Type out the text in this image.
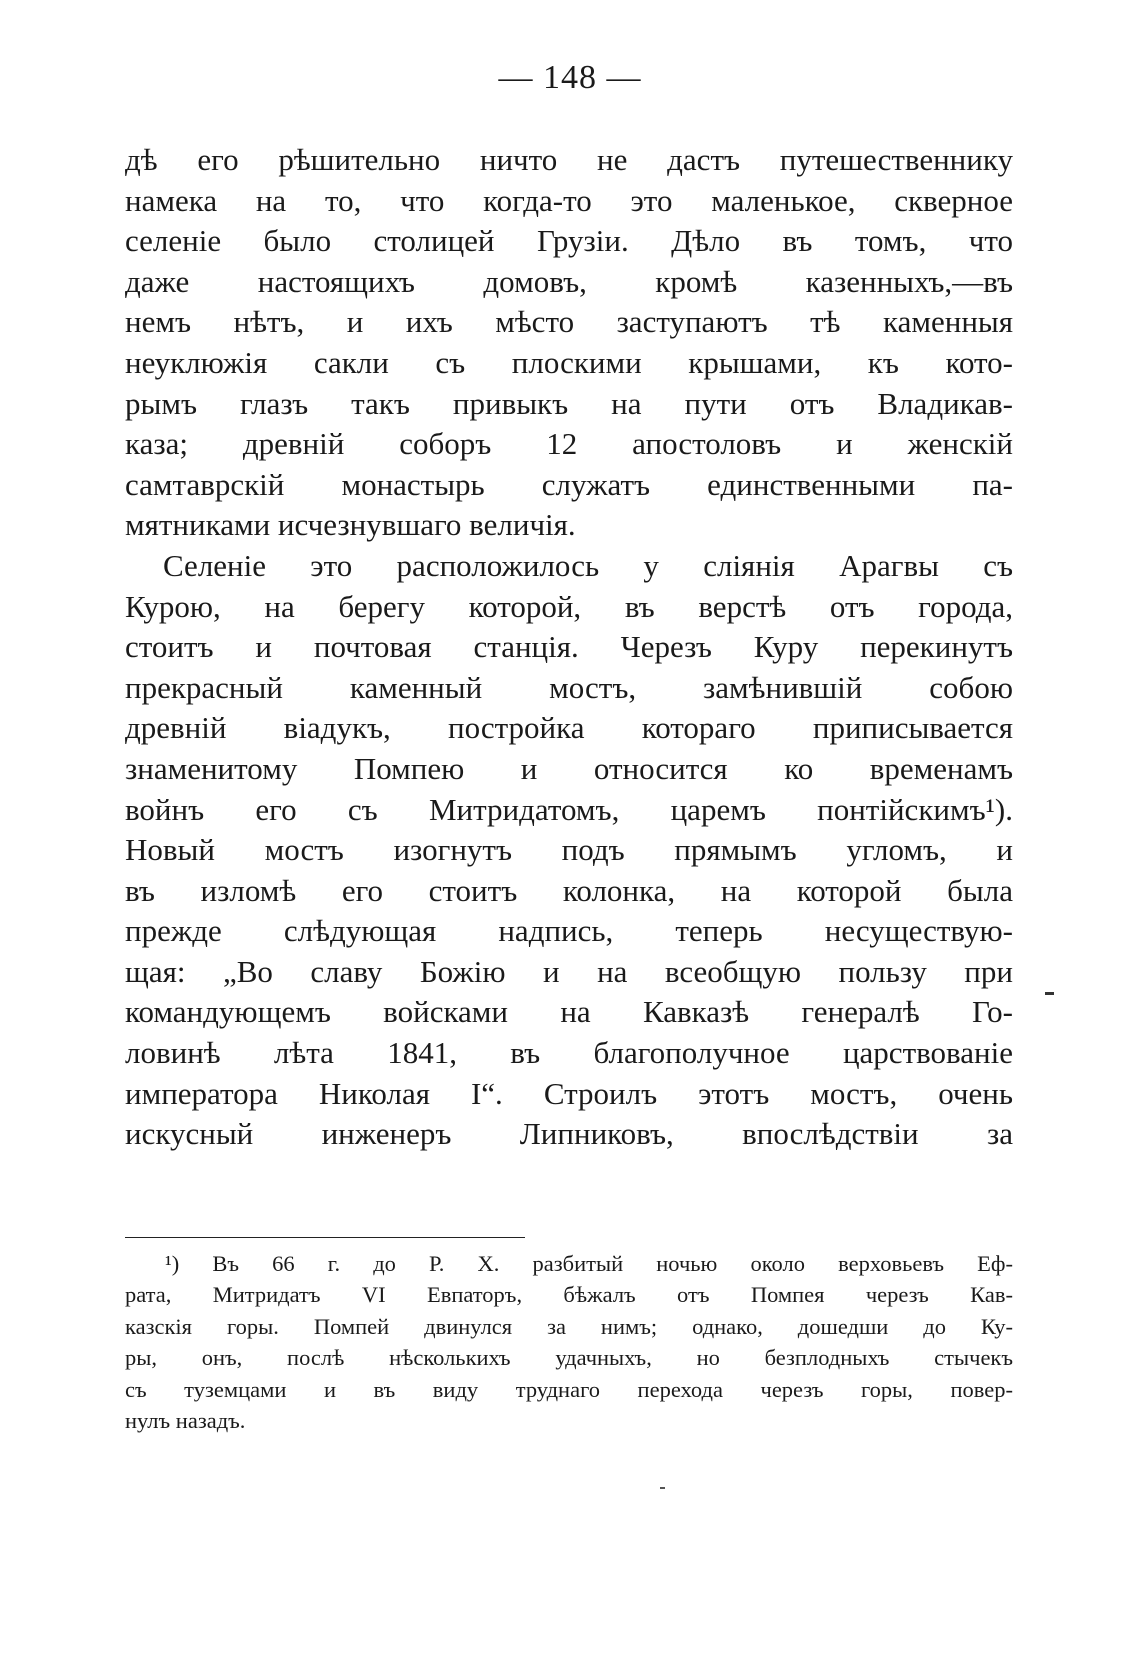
— 148 —
дѣ его рѣшительно ничто не дастъ путешественнику
намека на то, что когда-то это маленькое, скверное
селеніе было столицей Грузіи. Дѣло въ томъ, что
даже настоящихъ домовъ, кромѣ казенныхъ,—въ
немъ нѣтъ, и ихъ мѣсто заступаютъ тѣ каменныя
неуклюжія сакли съ плоскими крышами, къ кото-
рымъ глазъ такъ привыкъ на пути отъ Владикав-
каза; древній соборъ 12 апостоловъ и женскій
самтаврскій монастырь служатъ единственными па-
мятниками исчезнувшаго величія.
Селеніе это расположилось у сліянія Арагвы съ
Курою, на берегу которой, въ верстѣ отъ города,
стоитъ и почтовая станція. Черезъ Куру перекинутъ
прекрасный каменный мостъ, замѣнившій собою
древній віадукъ, постройка котораго приписывается
знаменитому Помпею и относится ко временамъ
войнъ его съ Митридатомъ, царемъ понтійскимъ¹).
Новый мостъ изогнутъ подъ прямымъ угломъ, и
въ изломѣ его стоитъ колонка, на которой была
прежде слѣдующая надпись, теперь несуществую-
щая: „Во славу Божію и на всеобщую пользу при
командующемъ войсками на Кавказѣ генералѣ Го-
ловинѣ лѣта 1841, въ благополучное царствованіе
императора Николая I“. Строилъ этотъ мостъ, очень
искусный инженеръ Липниковъ, впослѣдствіи за
¹) Въ 66 г. до Р. Х. разбитый ночью около верховьевъ Еф-
рата, Митридатъ VI Евпаторъ, бѣжалъ отъ Помпея черезъ Кав-
казскія горы. Помпей двинулся за нимъ; однако, дошедши до Ку-
ры, онъ, послѣ нѣсколькихъ удачныхъ, но безплодныхъ стычекъ
съ туземцами и въ виду труднаго перехода черезъ горы, повер-
нулъ назадъ.
